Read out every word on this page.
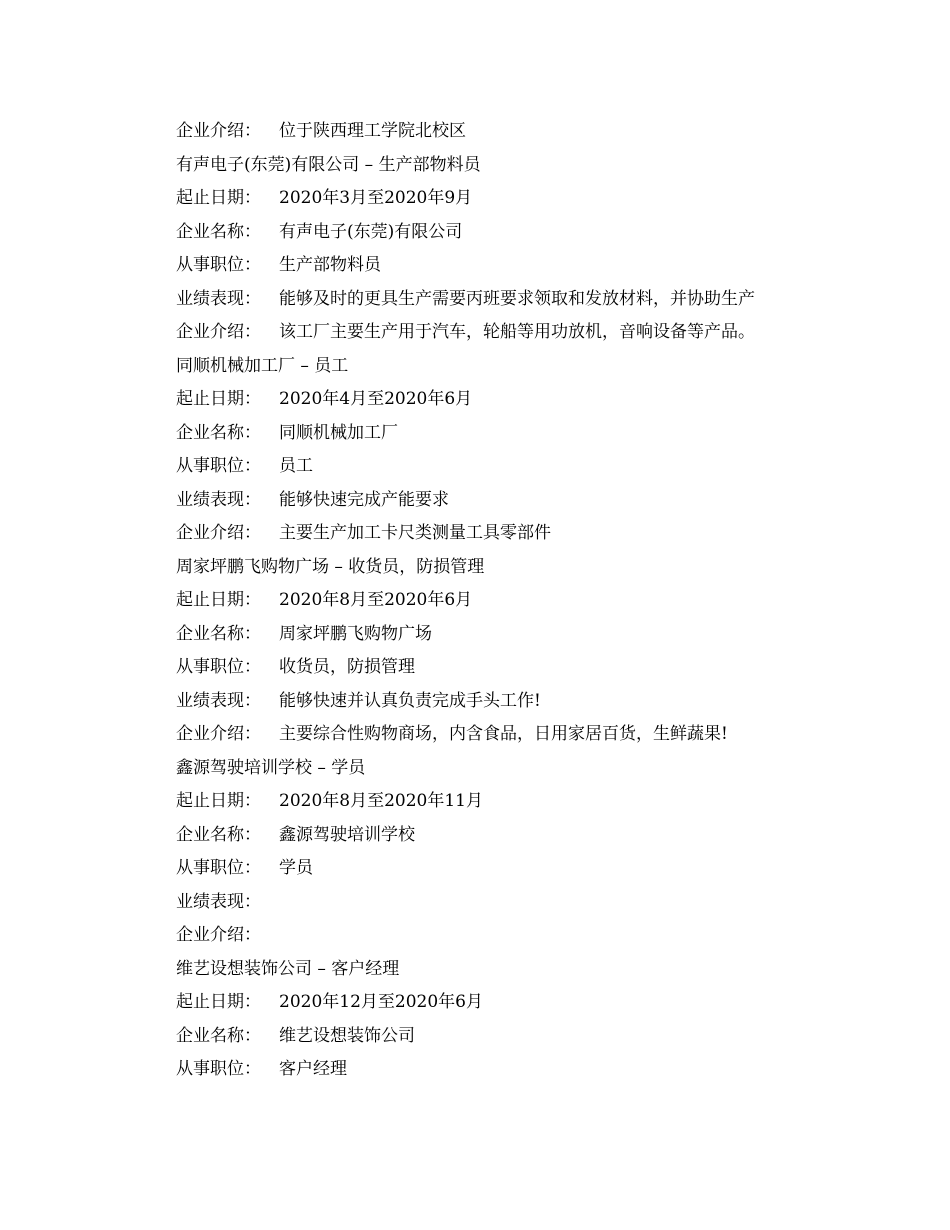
企业介绍：	位于陕西理工学院北校区
有声电子(东莞)有限公司 – 生产部物料员
起止日期：	2020年3月至2020年9月
企业名称：	有声电子(东莞)有限公司
从事职位：	生产部物料员
业绩表现：	能够及时的更具生产需要丙班要求领取和发放材料，并协助生产
企业介绍：	该工厂主要生产用于汽车，轮船等用功放机，音响设备等产品。
同顺机械加工厂 – 员工
起止日期：	2020年4月至2020年6月
企业名称：	同顺机械加工厂
从事职位：	员工
业绩表现：	能够快速完成产能要求
企业介绍：	主要生产加工卡尺类测量工具零部件
周家坪鹏飞购物广场 – 收货员，防损管理
起止日期：	2020年8月至2020年6月
企业名称：	周家坪鹏飞购物广场
从事职位：	收货员，防损管理
业绩表现：	能够快速并认真负责完成手头工作!
企业介绍：	主要综合性购物商场，内含食品，日用家居百货，生鲜蔬果!
鑫源驾驶培训学校 – 学员
起止日期：	2020年8月至2020年11月
企业名称：	鑫源驾驶培训学校
从事职位：	学员
业绩表现：
企业介绍：
维艺设想装饰公司 – 客户经理
起止日期：	2020年12月至2020年6月
企业名称：	维艺设想装饰公司
从事职位：	客户经理
